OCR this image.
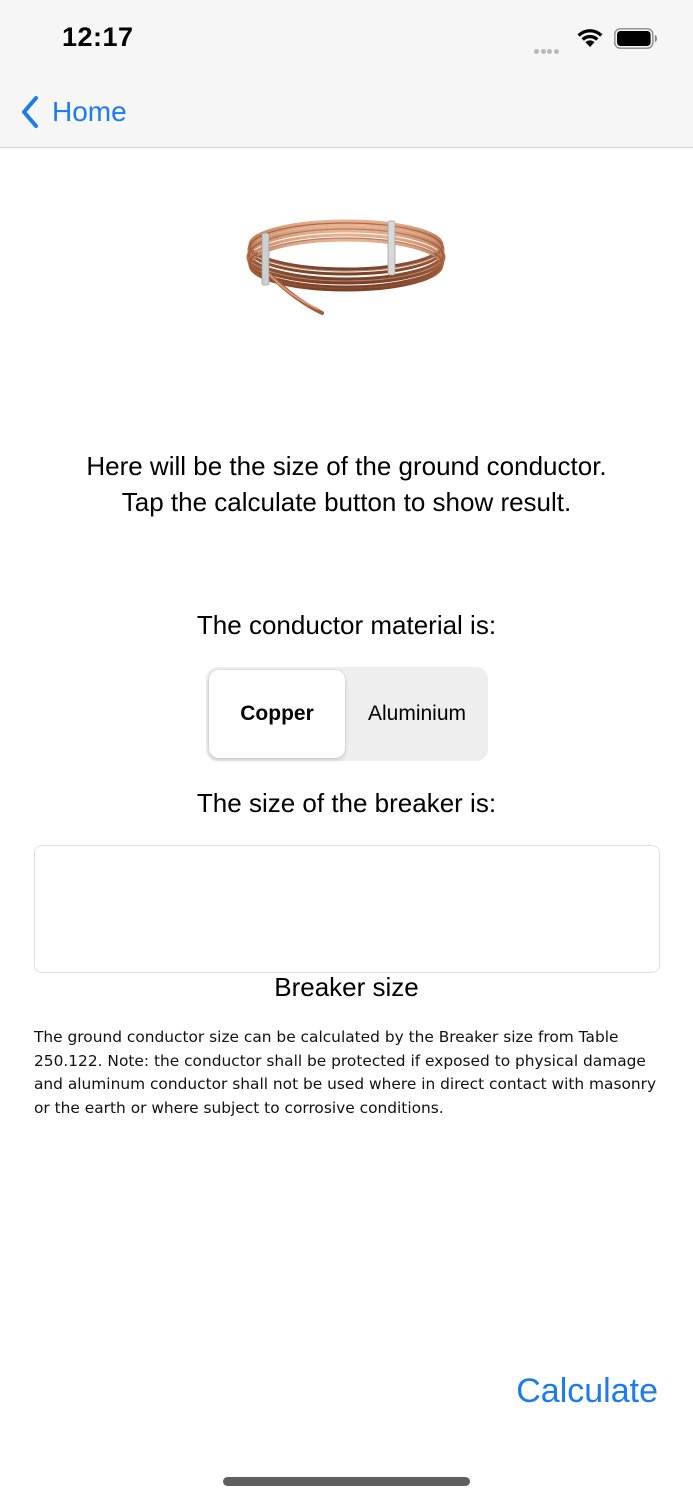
12:17
Home
Here will be the size of the ground conductor.
Tap the calculate button to show result.
The conductor material is:
Copper	Aluminium
The size of the breaker is:
Breaker size
The ground conductor size can be calculated by the Breaker size from Table 250.122. Note: the conductor shall be protected if exposed to physical damage and aluminum conductor shall not be used where in direct contact with masonry or the earth or where subject to corrosive conditions.
Calculate
